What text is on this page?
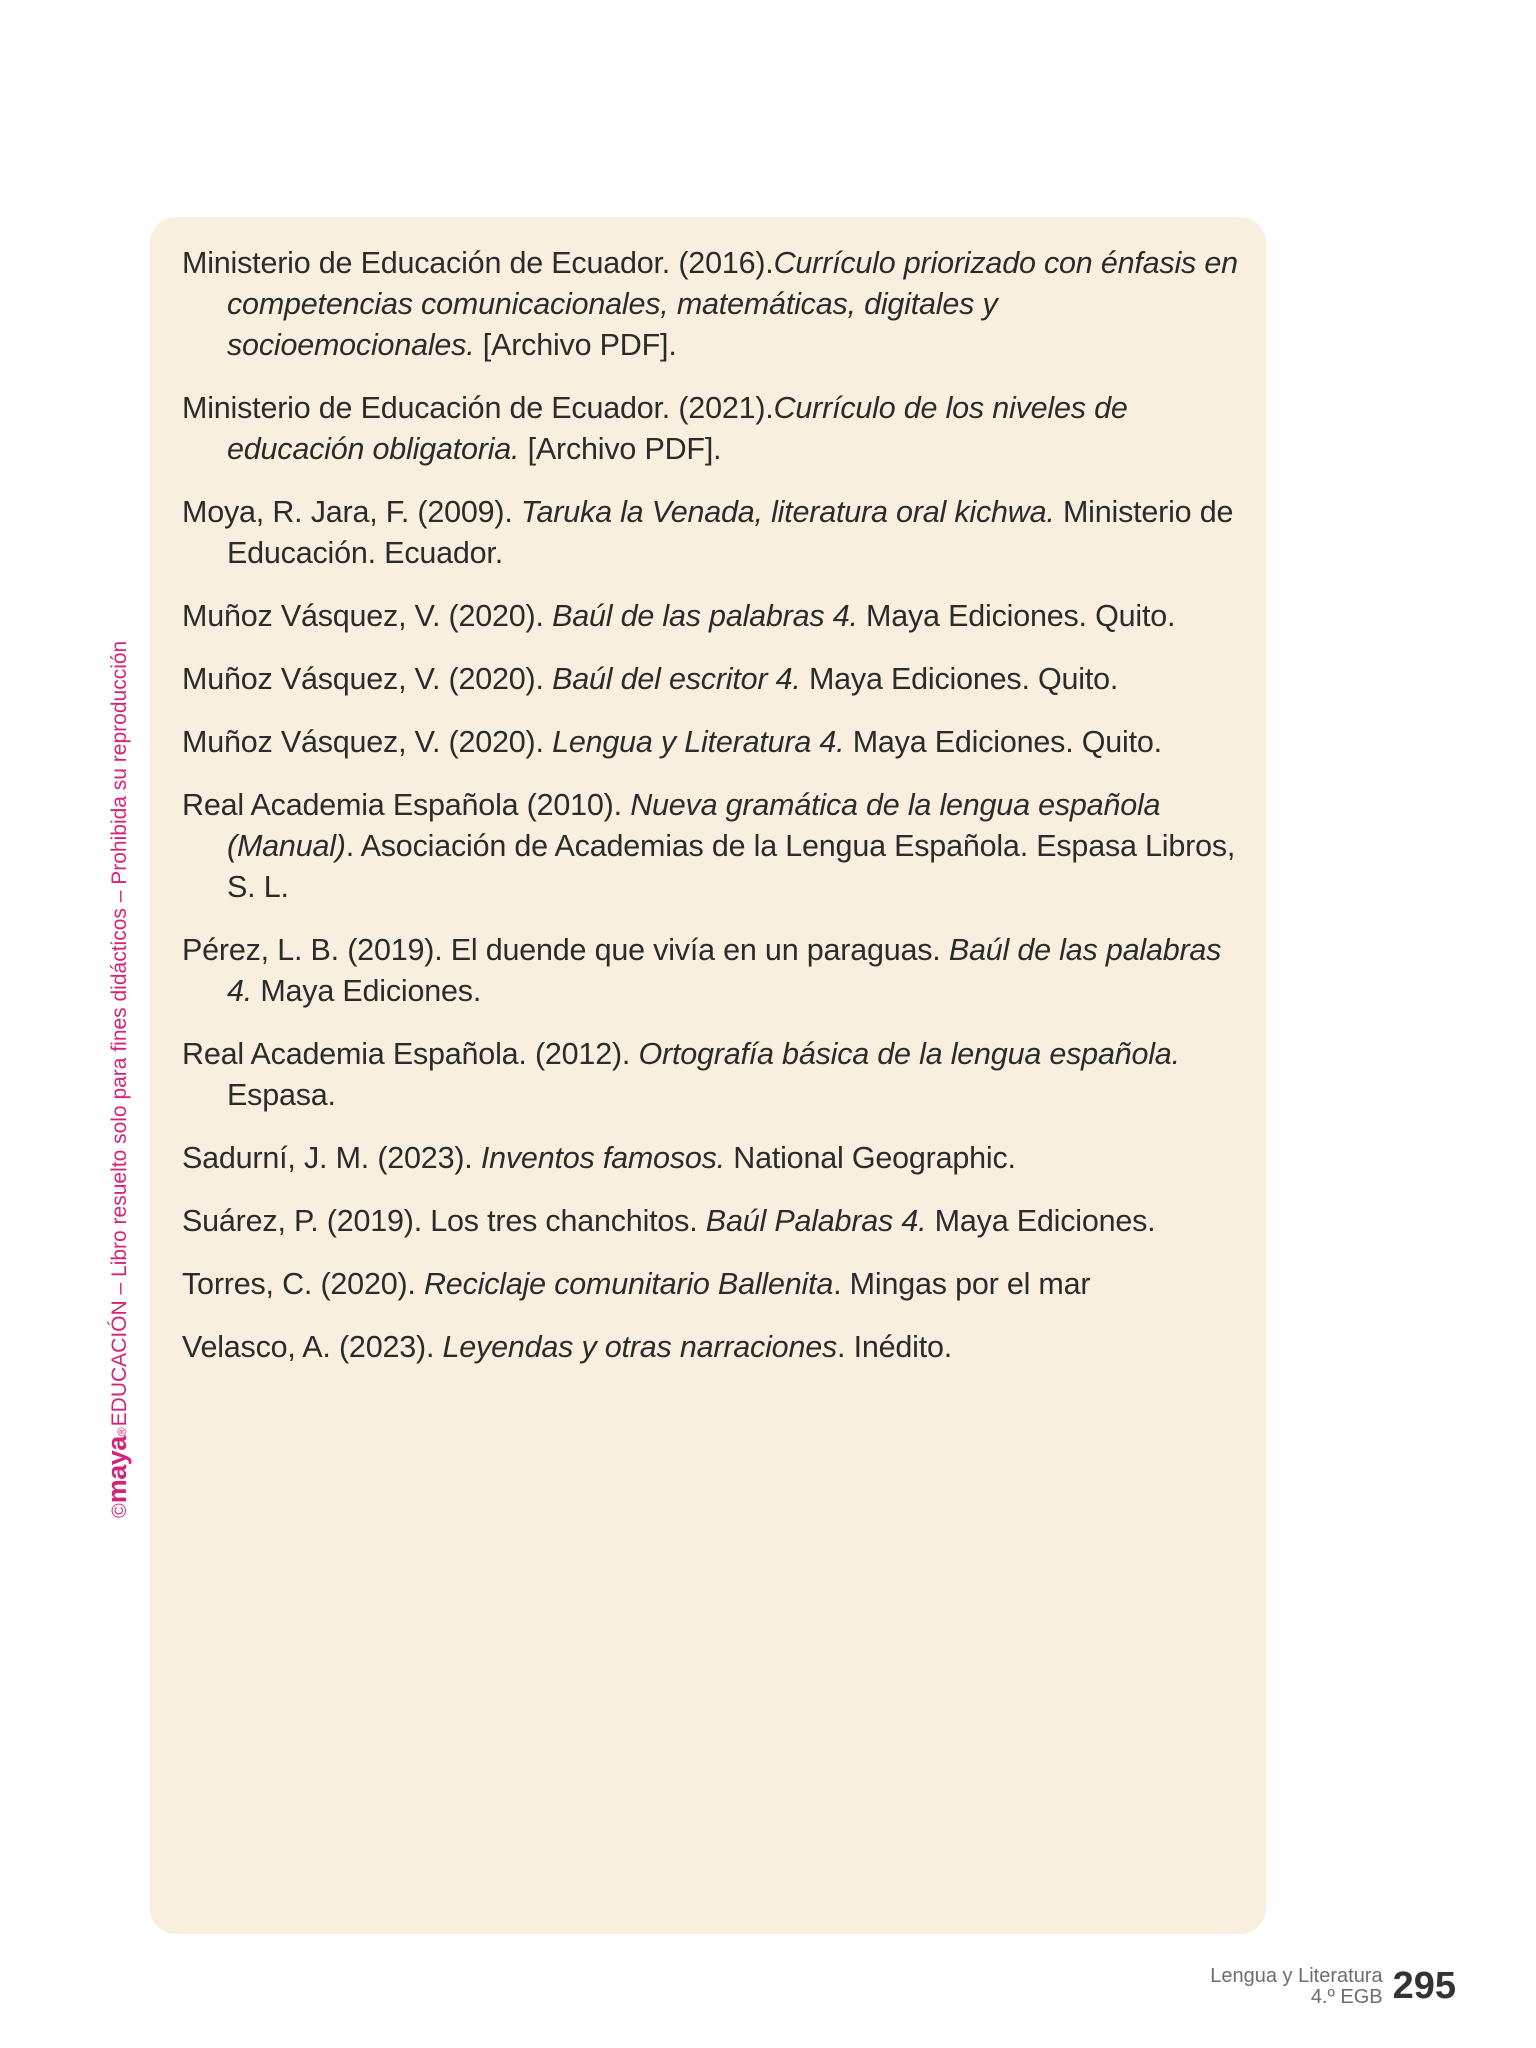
©
maya
®
EDUCACIÓN – Libro resuelto solo para fines didácticos – Prohibida su reproducción
Ministerio de Educación de Ecuador. (2016).Currículo priorizado con énfasis en competencias comunicacionales, matemáticas, digitales y socioemocionales. [Archivo PDF].
Ministerio de Educación de Ecuador. (2021).Currículo de los niveles de educación obligatoria. [Archivo PDF].
Moya, R. Jara, F. (2009). Taruka la Venada, literatura oral kichwa. Ministerio de Educación. Ecuador.
Muñoz Vásquez, V. (2020). Baúl de las palabras 4. Maya Ediciones. Quito.
Muñoz Vásquez, V. (2020). Baúl del escritor 4. Maya Ediciones. Quito.
Muñoz Vásquez, V. (2020). Lengua y Literatura 4. Maya Ediciones. Quito.
Real Academia Española (2010). Nueva gramática de la lengua española (Manual). Asociación de Academias de la Lengua Española. Espasa Libros, S. L.
Pérez, L. B. (2019). El duende que vivía en un paraguas. Baúl de las palabras 4. Maya Ediciones.
Real Academia Española. (2012). Ortografía básica de la lengua española. Espasa.
Sadurní, J. M. (2023). Inventos famosos. National Geographic.
Suárez, P. (2019). Los tres chanchitos. Baúl Palabras 4. Maya Ediciones.
Torres, C. (2020). Reciclaje comunitario Ballenita. Mingas por el mar
Velasco, A. (2023). Leyendas y otras narraciones. Inédito.
Lengua y Literatura
4.º EGB 295
